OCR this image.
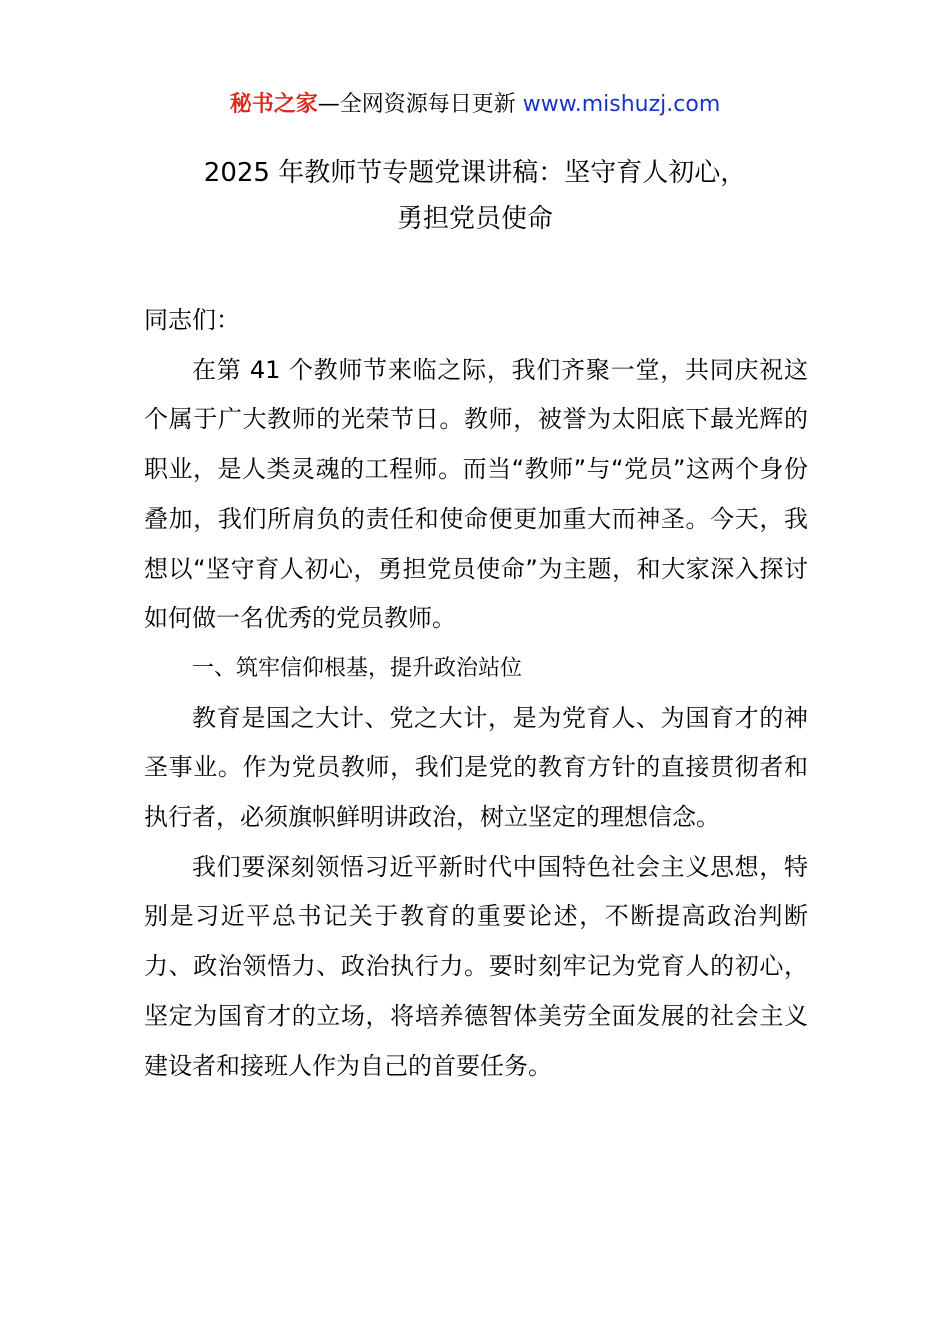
秘书之家—全网资源每日更新 www.mishuzj.com
2025 年教师节专题党课讲稿：坚守育人初心，
勇担党员使命

同志们：

在第 41 个教师节来临之际，我们齐聚一堂，共同庆祝这个属于广大教师的光荣节日。教师，被誉为太阳底下最光辉的职业，是人类灵魂的工程师。而当“教师”与“党员”这两个身份叠加，我们所肩负的责任和使命便更加重大而神圣。今天，我想以“坚守育人初心，勇担党员使命”为主题，和大家深入探讨如何做一名优秀的党员教师。

一、筑牢信仰根基，提升政治站位

教育是国之大计、党之大计，是为党育人、为国育才的神圣事业。作为党员教师，我们是党的教育方针的直接贯彻者和执行者，必须旗帜鲜明讲政治，树立坚定的理想信念。

我们要深刻领悟习近平新时代中国特色社会主义思想，特别是习近平总书记关于教育的重要论述，不断提高政治判断力、政治领悟力、政治执行力。要时刻牢记为党育人的初心，坚定为国育才的立场，将培养德智体美劳全面发展的社会主义建设者和接班人作为自己的首要任务。
